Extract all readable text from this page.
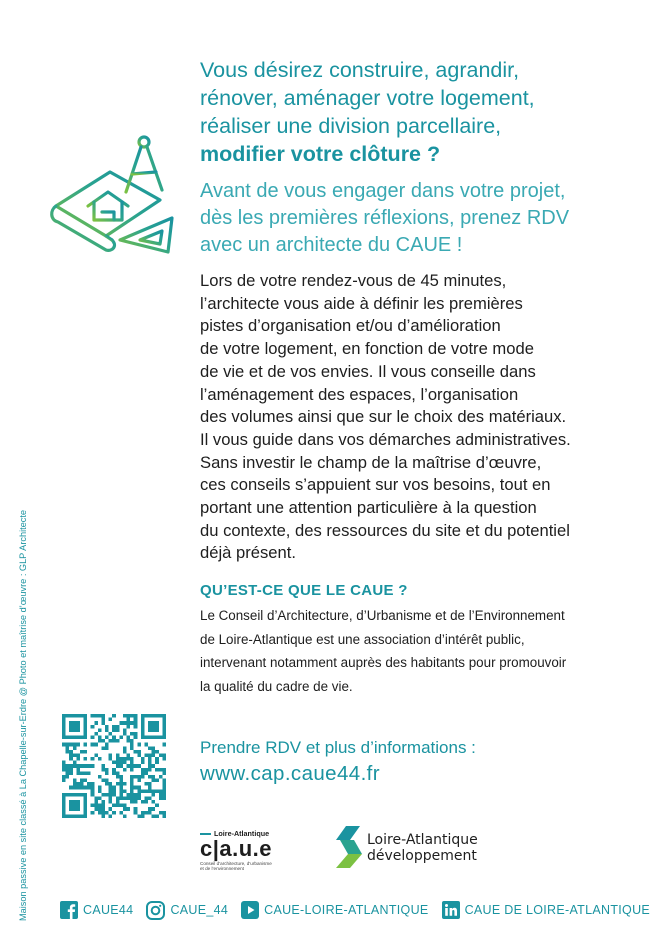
Vous désirez construire, agrandir,
rénover, aménager votre logement,
réaliser une division parcellaire,
modifier votre clôture ?
Avant de vous engager dans votre projet,
dès les premières réflexions, prenez RDV
avec un architecte du CAUE !
Lors de votre rendez-vous de 45 minutes,
l’architecte vous aide à définir les premières
pistes d’organisation et/ou d’amélioration
de votre logement, en fonction de votre mode
de vie et de vos envies. Il vous conseille dans
l’aménagement des espaces, l’organisation
des volumes ainsi que sur le choix des matériaux.
Il vous guide dans vos démarches administratives.
Sans investir le champ de la maîtrise d’œuvre,
ces conseils s’appuient sur vos besoins, tout en
portant une attention particulière à la question
du contexte, des ressources du site et du potentiel
déjà présent.
QU’EST-CE QUE LE CAUE ?
Le Conseil d’Architecture, d’Urbanisme et de l’Environnement
de Loire-Atlantique est une association d’intérêt public,
intervenant notamment auprès des habitants pour promouvoir
la qualité du cadre de vie.
Prendre RDV et plus d’informations :
www.cap.caue44.fr
Maison passive en site classé à La Chapelle-sur-Erdre @ Photo et maîtrise d’œuvre : GLP Architecte	Loire-Atlantique
c|a.u.e
Conseil d’architecture, d’urbanisme
et de l’environnement
Loire-Atlantique
développement
CAUE44	CAUE_44	CAUE-LOIRE-ATLANTIQUE	CAUE DE LOIRE-ATLANTIQUE
